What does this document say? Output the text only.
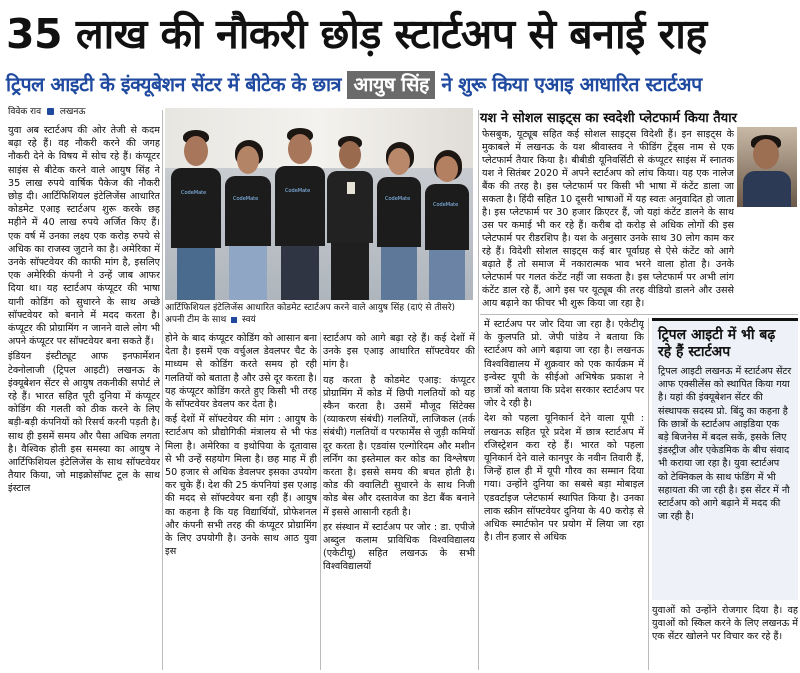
35 लाख की नौकरी छोड़ स्टार्टअप से बनाई राह
ट्रिपल आइटी के इंक्यूबेशन सेंटर में बीटेक के छात्र आयुष सिंह ने शुरू किया एआइ आधारित स्टार्टअप
विवेक राव लखनऊ

युवा अब स्टार्टअप की ओर तेजी से कदम बढ़ा रहे हैं। वह नौकरी करने की जगह नौकरी देने के विषय में सोच रहे हैं। कंप्यूटर साइंस से बीटेक करने वाले आयुष सिंह ने 35 लाख रुपये वार्षिक पैकेज की नौकरी छोड़ दी। आर्टिफिशियल इंटेलिजेंस आधारित कोडमेट एआइ स्टार्टअप शुरू करके छह महीने में 40 लाख रुपये अर्जित किए हैं। एक वर्ष में उनका लक्ष्य एक करोड़ रुपये से अधिक का राजस्व जुटाने का है। अमेरिका में उनके सॉफ्टवेयर की काफी मांग है, इसलिए एक अमेरिकी कंपनी ने उन्हें जाब आफर दिया था। यह स्टार्टअप कंप्यूटर की भाषा यानी कोडिंग को सुधारने के साथ अच्छे सॉफ्टवेयर को बनाने में मदद करता है। कंप्यूटर की प्रोग्रामिंग न जानने वाले लोग भी अपने कंप्यूटर पर सॉफ्टवेयर बना सकते हैं।

इंडियन इंस्टीट्यूट आफ इनफार्मेशन टेक्नोलाजी (ट्रिपल आइटी) लखनऊ के इंक्यूबेशन सेंटर से आयुष तकनीकी सपोर्ट ले रहे हैं। भारत सहित पूरी दुनिया में कंप्यूटर कोडिंग की गलती को ठीक करने के लिए बड़ी-बड़ी कंपनियों को रिसर्च करनी पड़ती है। साथ ही इसमें समय और पैसा अधिक लगता है। वैश्विक होती इस समस्या का आयुष ने आर्टिफिशियल इंटेलिजेंस के साथ सॉफ्टवेयर तैयार किया, जो माइक्रोसॉफ्ट टूल के साथ इंस्टाल

CodeMate
CodeMate
CodeMate
CodeMate
CodeMate
आर्टिफिशियल इंटेलिजेंस आधारित कोडमेट स्टार्टअप करने वाले आयुष सिंह (दाएं से तीसरे) अपनी टीम के साथ स्वयं

होने के बाद कंप्यूटर कोडिंग को आसान बना देता है। इसमें एक वर्चुअल डेवलपर चैट के माध्यम से कोडिंग करते समय हो रही गलतियों को बताता है और उसे दूर करता है। यह कंप्यूटर कोडिंग करते हुए किसी भी तरह के सॉफ्टवेयर डेवलप कर देता है।

कई देशों में सॉफ्टवेयर की मांग : आयुष के स्टार्टअप को प्रौद्योगिकी मंत्रालय से भी फंड मिला है। अमेरिका व इथोपिया के दूतावास से भी उन्हें सहयोग मिला है। छह माह में ही 50 हजार से अधिक डेवलपर इसका उपयोग कर चुके हैं। देश की 25 कंपनियां इस एआइ की मदद से सॉफ्टवेयर बना रही हैं। आयुष का कहना है कि यह विद्यार्थियों, प्रोफेशनल और कंपनी सभी तरह की कंप्यूटर प्रोग्रामिंग के लिए उपयोगी है। उनके साथ आठ युवा इस

स्टार्टअप को आगे बढ़ा रहे हैं। कई देशों में उनके इस एआइ आधारित सॉफ्टवेयर की मांग है।

यह करता है कोडमेट एआइ: कंप्यूटर प्रोग्रामिंग में कोड में छिपी गलतियों को यह स्कैन करता है। उसमें मौजूद सिंटेक्स (व्याकरण संबंधी) गलतियों, लाजिकल (तर्क संबंधी) गलतियों व परफार्मेंस से जुड़ी कमियों दूर करता है। एडवांस एल्गोरिदम और मशीन लर्निंग का इस्तेमाल कर कोड का विश्लेषण करता है। इससे समय की बचत होती है। कोड की क्वालिटी सुधारने के साथ निजी कोड बेस और दस्तावेज का डेटा बैंक बनाने में इससे आसानी रहती है।

हर संस्थान में स्टार्टअप पर जोर : डा. एपीजे अब्दुल कलाम प्राविधिक विश्वविद्यालय (एकेटीयू) सहित लखनऊ के सभी विश्वविद्यालयों

यश ने सोशल साइट्स का स्वदेशी प्लेटफार्म किया तैयार

फेसबुक, यूट्यूब सहित कई सोशल साइट्स विदेशी हैं। इन साइट्स के मुकाबले में लखनऊ के यश श्रीवास्तव ने फीडिंग ट्रेंड्स नाम से एक प्लेटफार्म तैयार किया है। बीबीडी यूनिवर्सिटी से कंप्यूटर साइंस में स्नातक यश ने सितंबर 2020 में अपने स्टार्टअप को लांच किया। यह एक नालेज बैंक की तरह है। इस प्लेटफार्म पर किसी भी भाषा में कंटेंट डाला जा सकता है। हिंदी सहित 10 दूसरी भाषाओं में यह स्वतः अनुवादित हो जाता है। इस प्लेटफार्म पर 30 हजार क्रिएटर हैं, जो यहां कंटेंट डालने के साथ उस पर कमाई भी कर रहे हैं। करीब दो करोड़ से अधिक लोगों की इस प्लेटफार्म पर रीडरशिप है। यश के अनुसार उनके साथ 30 लोग काम कर रहे हैं। विदेशी सोशल साइट्स कई बार पूर्वाग्रह से ऐसे कंटेंट को आगे बढ़ाते हैं तो समाज में नकारात्मक भाव भरने वाला होता है। उनके प्लेटफार्म पर गलत कंटेंट नहीं जा सकता है। इस प्लेटफार्म पर अभी लांग कंटेंट डाल रहे हैं, आगे इस पर यूट्यूब की तरह वीडियो डालने और उससे आय बढ़ाने का फीचर भी शुरू किया जा रहा है।

में स्टार्टअप पर जोर दिया जा रहा है। एकेटीयू के कुलपति प्रो. जेपी पांडेय ने बताया कि स्टार्टअप को आगे बढ़ाया जा रहा है। लखनऊ विश्वविद्यालय में शुक्रवार को एक कार्यक्रम में इन्वेस्ट यूपी के सीईओ अभिषेक प्रकाश ने छात्रों को बताया कि प्रदेश सरकार स्टार्टअप पर जोर दे रही है।

देश को पहला यूनिकार्न देने वाला यूपी : लखनऊ सहित पूरे प्रदेश में छात्र स्टार्टअप में रजिस्ट्रेशन करा रहे हैं। भारत को पहला यूनिकार्न देने वाले कानपुर के नवीन तिवारी हैं, जिन्हें हाल ही में यूपी गौरव का सम्मान दिया गया। उन्होंने दुनिया का सबसे बड़ा मोबाइल एडवर्टाइज प्लेटफार्म स्थापित किया है। उनका लाक स्क्रीन सॉफ्टवेयर दुनिया के 40 करोड़ से अधिक स्मार्टफोन पर प्रयोग में लिया जा रहा है। तीन हजार से अधिक

ट्रिपल आइटी में भी बढ़ रहे हैं स्टार्टअप
ट्रिपल आइटी लखनऊ में स्टार्टअप सेंटर आफ एक्सीलेंस को स्थापित किया गया है। यहां की इंक्यूबेशन सेंटर की संस्थापक सदस्य प्रो. बिंदु का कहना है कि छात्रों के स्टार्टअप आइडिया एक बड़े बिजनेस में बदल सकें, इसके लिए इंडस्ट्रीज और एकेडमिक के बीच संवाद भी कराया जा रहा है। युवा स्टार्टअप को टेक्निकल के साथ फंडिंग में भी सहायता की जा रही है। इस सेंटर में नौ स्टार्टअप को आगे बढ़ाने में मदद की जा रही है।

युवाओं को उन्होंने रोजगार दिया है। वह युवाओं को स्किल करने के लिए लखनऊ में एक सेंटर खोलने पर विचार कर रहे हैं।
